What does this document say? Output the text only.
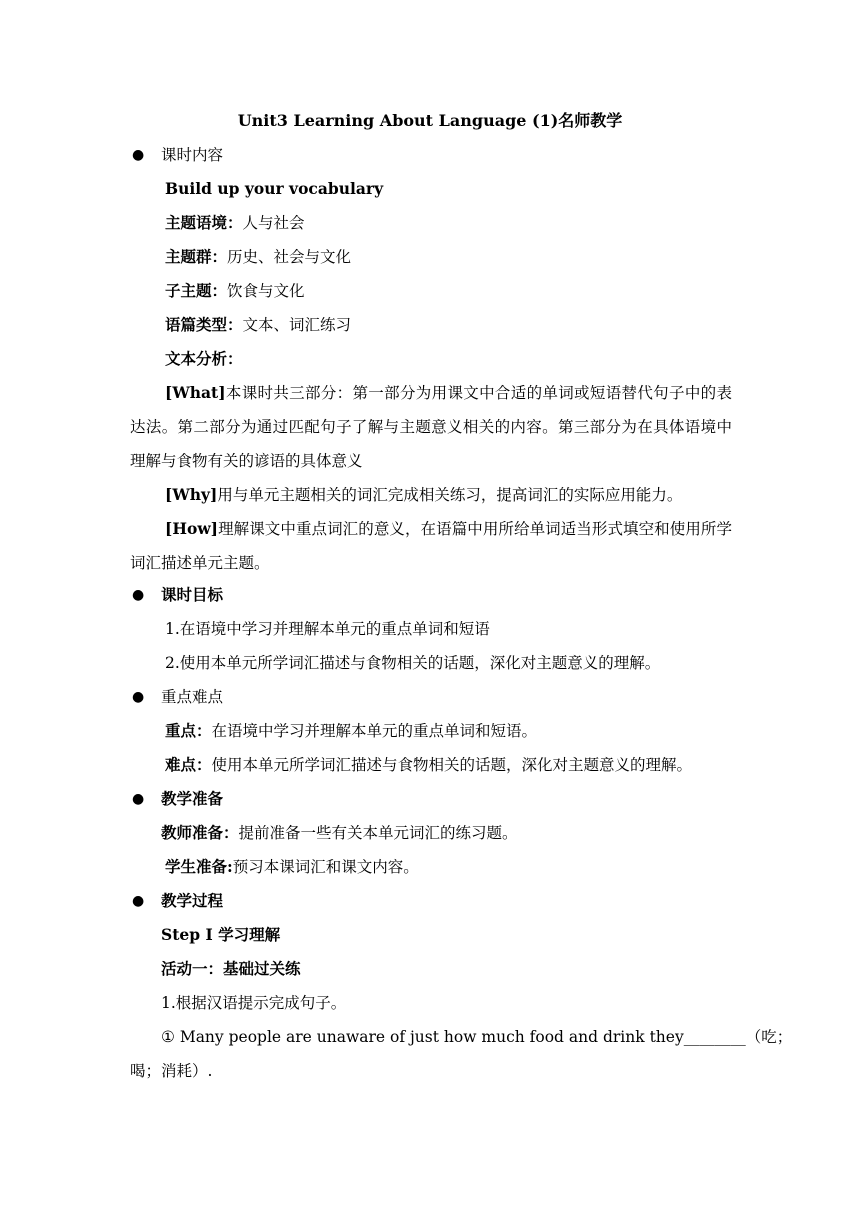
Unit3 Learning About Language (1)名师教学
● 课时内容
Build up your vocabulary
主题语境：人与社会
主题群：历史、社会与文化
子主题：饮食与文化
语篇类型：文本、词汇练习
文本分析：
[What]本课时共三部分：第一部分为用课文中合适的单词或短语替代句子中的表达法。第二部分为通过匹配句子了解与主题意义相关的内容。第三部分为在具体语境中理解与食物有关的谚语的具体意义
[Why]用与单元主题相关的词汇完成相关练习，提高词汇的实际应用能力。
[How]理解课文中重点词汇的意义，在语篇中用所给单词适当形式填空和使用所学词汇描述单元主题。
● 课时目标
1.在语境中学习并理解本单元的重点单词和短语
2.使用本单元所学词汇描述与食物相关的话题，深化对主题意义的理解。
● 重点难点
重点：在语境中学习并理解本单元的重点单词和短语。
难点：使用本单元所学词汇描述与食物相关的话题，深化对主题意义的理解。
● 教学准备
教师准备：提前准备一些有关本单元词汇的练习题。
学生准备:预习本课词汇和课文内容。
● 教学过程
Step I 学习理解
活动一：基础过关练
1.根据汉语提示完成句子。
① Many people are unaware of just how much food and drink they________（吃；
喝；消耗）.
